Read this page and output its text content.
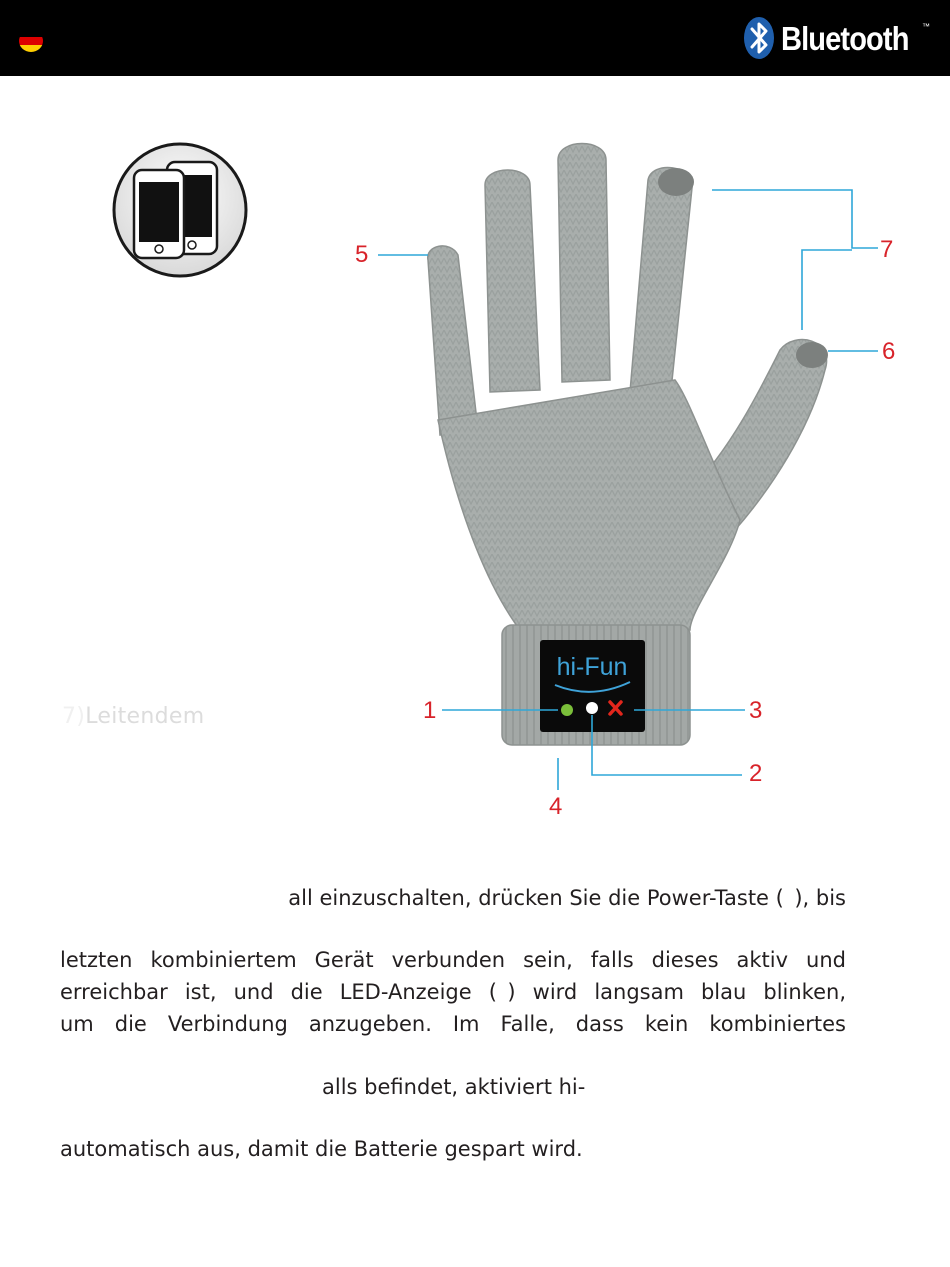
Bluetooth ™
hi-Fun
5	7
6
1	3
2
4
7)Leitendem Gewebe
all einzuschalten, drücken Sie die Power-Taste ( ), bis
letzten kombiniertem Gerät verbunden sein, falls dieses aktiv und
erreichbar ist, und die LED-Anzeige ( ) wird langsam blau blinken,
um die Verbindung anzugeben. Im Falle, dass kein kombiniertes
alls befindet, aktiviert hi-
automatisch aus, damit die Batterie gespart wird.
